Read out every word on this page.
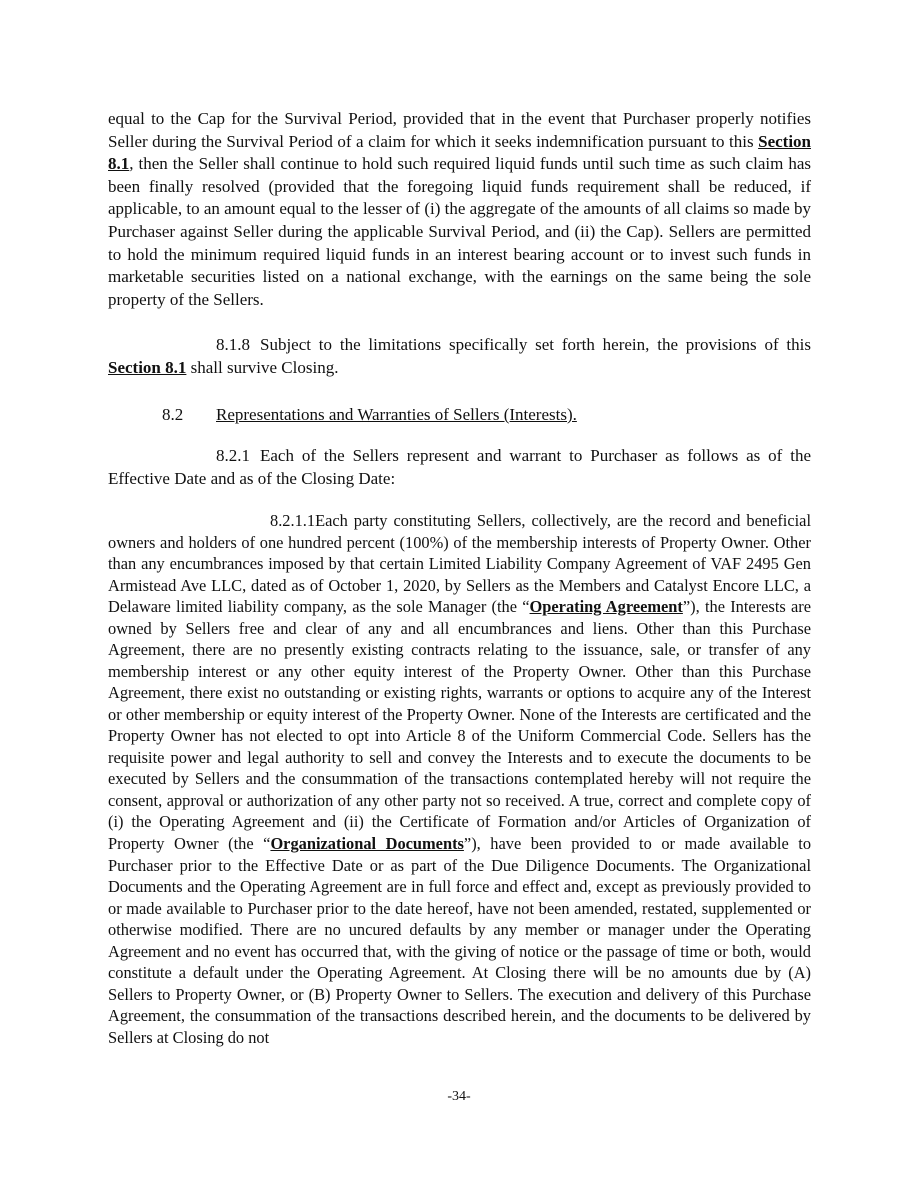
equal to the Cap for the Survival Period, provided that in the event that Purchaser properly notifies Seller during the Survival Period of a claim for which it seeks indemnification pursuant to this Section 8.1, then the Seller shall continue to hold such required liquid funds until such time as such claim has been finally resolved (provided that the foregoing liquid funds requirement shall be reduced, if applicable, to an amount equal to the lesser of (i) the aggregate of the amounts of all claims so made by Purchaser against Seller during the applicable Survival Period, and (ii) the Cap). Sellers are permitted to hold the minimum required liquid funds in an interest bearing account or to invest such funds in marketable securities listed on a national exchange, with the earnings on the same being the sole property of the Sellers.

8.1.8 Subject to the limitations specifically set forth herein, the provisions of this Section 8.1 shall survive Closing.

8.2 Representations and Warranties of Sellers (Interests).

8.2.1 Each of the Sellers represent and warrant to Purchaser as follows as of the Effective Date and as of the Closing Date:

8.2.1.1Each party constituting Sellers, collectively, are the record and beneficial owners and holders of one hundred percent (100%) of the membership interests of Property Owner. Other than any encumbrances imposed by that certain Limited Liability Company Agreement of VAF 2495 Gen Armistead Ave LLC, dated as of October 1, 2020, by Sellers as the Members and Catalyst Encore LLC, a Delaware limited liability company, as the sole Manager (the “Operating Agreement”), the Interests are owned by Sellers free and clear of any and all encumbrances and liens. Other than this Purchase Agreement, there are no presently existing contracts relating to the issuance, sale, or transfer of any membership interest or any other equity interest of the Property Owner. Other than this Purchase Agreement, there exist no outstanding or existing rights, warrants or options to acquire any of the Interest or other membership or equity interest of the Property Owner. None of the Interests are certificated and the Property Owner has not elected to opt into Article 8 of the Uniform Commercial Code. Sellers has the requisite power and legal authority to sell and convey the Interests and to execute the documents to be executed by Sellers and the consummation of the transactions contemplated hereby will not require the consent, approval or authorization of any other party not so received. A true, correct and complete copy of (i) the Operating Agreement and (ii) the Certificate of Formation and/or Articles of Organization of Property Owner (the “Organizational Documents”), have been provided to or made available to Purchaser prior to the Effective Date or as part of the Due Diligence Documents. The Organizational Documents and the Operating Agreement are in full force and effect and, except as previously provided to or made available to Purchaser prior to the date hereof, have not been amended, restated, supplemented or otherwise modified. There are no uncured defaults by any member or manager under the Operating Agreement and no event has occurred that, with the giving of notice or the passage of time or both, would constitute a default under the Operating Agreement. At Closing there will be no amounts due by (A) Sellers to Property Owner, or (B) Property Owner to Sellers. The execution and delivery of this Purchase Agreement, the consummation of the transactions described herein, and the documents to be delivered by Sellers at Closing do not

-34-
